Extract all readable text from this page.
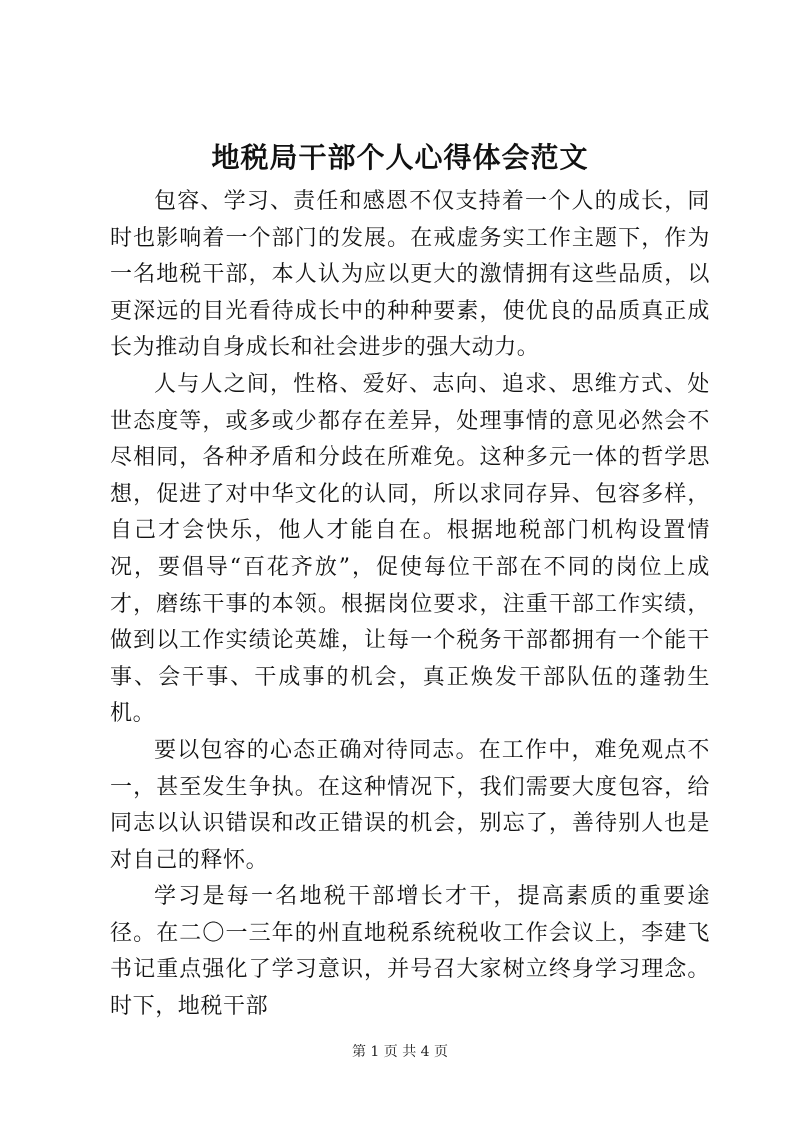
地税局干部个人心得体会范文

包容、学习、责任和感恩不仅支持着一个人的成长，同时也影响着一个部门的发展。在戒虚务实工作主题下，作为一名地税干部，本人认为应以更大的激情拥有这些品质，以更深远的目光看待成长中的种种要素，使优良的品质真正成长为推动自身成长和社会进步的强大动力。

人与人之间，性格、爱好、志向、追求、思维方式、处世态度等，或多或少都存在差异，处理事情的意见必然会不尽相同，各种矛盾和分歧在所难免。这种多元一体的哲学思想，促进了对中华文化的认同，所以求同存异、包容多样，自己才会快乐，他人才能自在。根据地税部门机构设置情况，要倡导“百花齐放”，促使每位干部在不同的岗位上成才，磨练干事的本领。根据岗位要求，注重干部工作实绩，做到以工作实绩论英雄，让每一个税务干部都拥有一个能干事、会干事、干成事的机会，真正焕发干部队伍的蓬勃生机。

要以包容的心态正确对待同志。在工作中，难免观点不一，甚至发生争执。在这种情况下，我们需要大度包容，给同志以认识错误和改正错误的机会，别忘了，善待别人也是对自己的释怀。

学习是每一名地税干部增长才干，提高素质的重要途径。在二〇一三年的州直地税系统税收工作会议上，李建飞书记重点强化了学习意识，并号召大家树立终身学习理念。时下，地税干部

第 1 页 共 4 页
